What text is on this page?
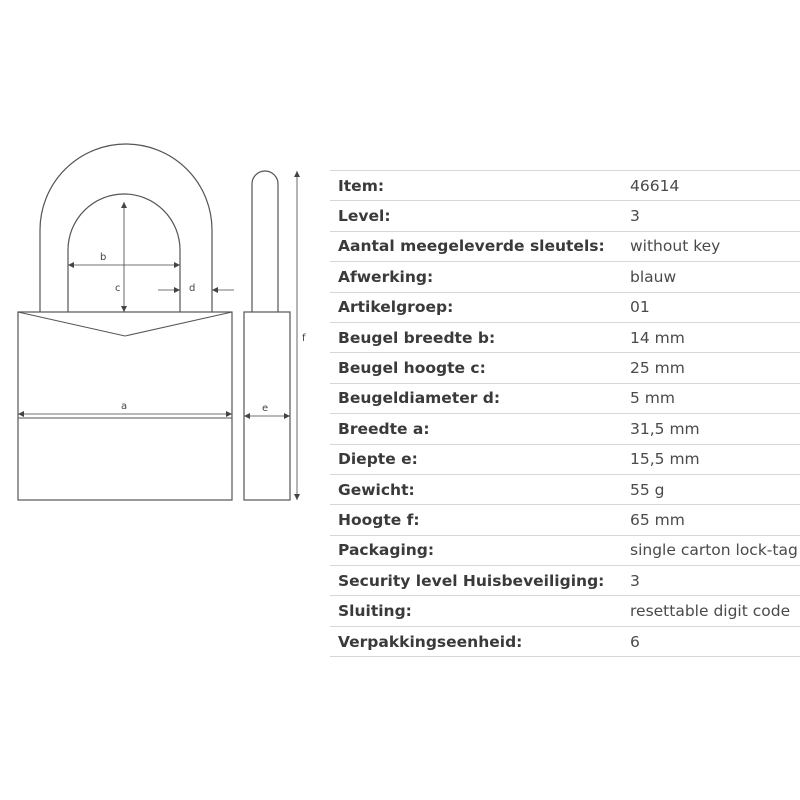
b
c	d
a	e
f
Item:	46614
Level:	3
Aantal meegeleverde sleutels:	without key
Afwerking:	blauw
Artikelgroep:	01
Beugel breedte b:	14 mm
Beugel hoogte c:	25 mm
Beugeldiameter d:	5 mm
Breedte a:	31,5 mm
Diepte e:	15,5 mm
Gewicht:	55 g
Hoogte f:	65 mm
Packaging:	single carton lock-tag
Security level Huisbeveiliging:	3
Sluiting:	resettable digit code
Verpakkingseenheid:	6
